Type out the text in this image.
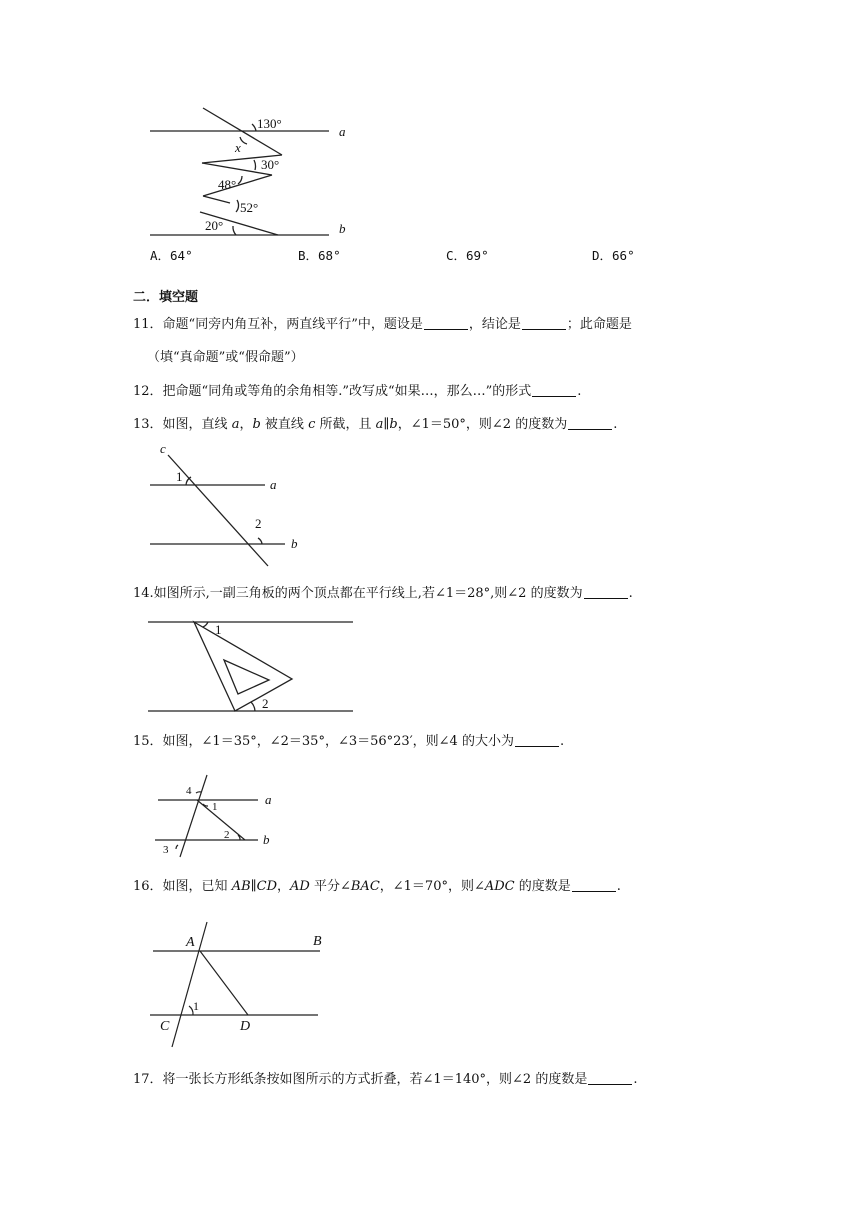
130°
x
30°
48°
52°
20°
a
b
A．64°	B．68°	C．69°	D．66°
二．填空题
11．命题“同旁内角互补，两直线平行”中，题设是	，结论是	；此命题是
（填“真命题”或“假命题”）
12．把命题“同角或等角的余角相等.”改写成“如果…，那么…”的形式	.
13．如图，直线 a，b 被直线 c 所截，且 a∥b，∠1＝50°，则∠2 的度数为	.
c
1
a
2
b
14.如图所示,一副三角板的两个顶点都在平行线上,若∠1＝28°,则∠2 的度数为	.
1
2
15．如图，∠1＝35°，∠2＝35°，∠3＝56°23′，则∠4 的大小为	.
4
1	a
2	b
3
16．如图，已知 AB∥CD，AD 平分∠BAC，∠1＝70°，则∠ADC 的度数是	.
A	B
1
C	D
17．将一张长方形纸条按如图所示的方式折叠，若∠1＝140°，则∠2 的度数是	.
